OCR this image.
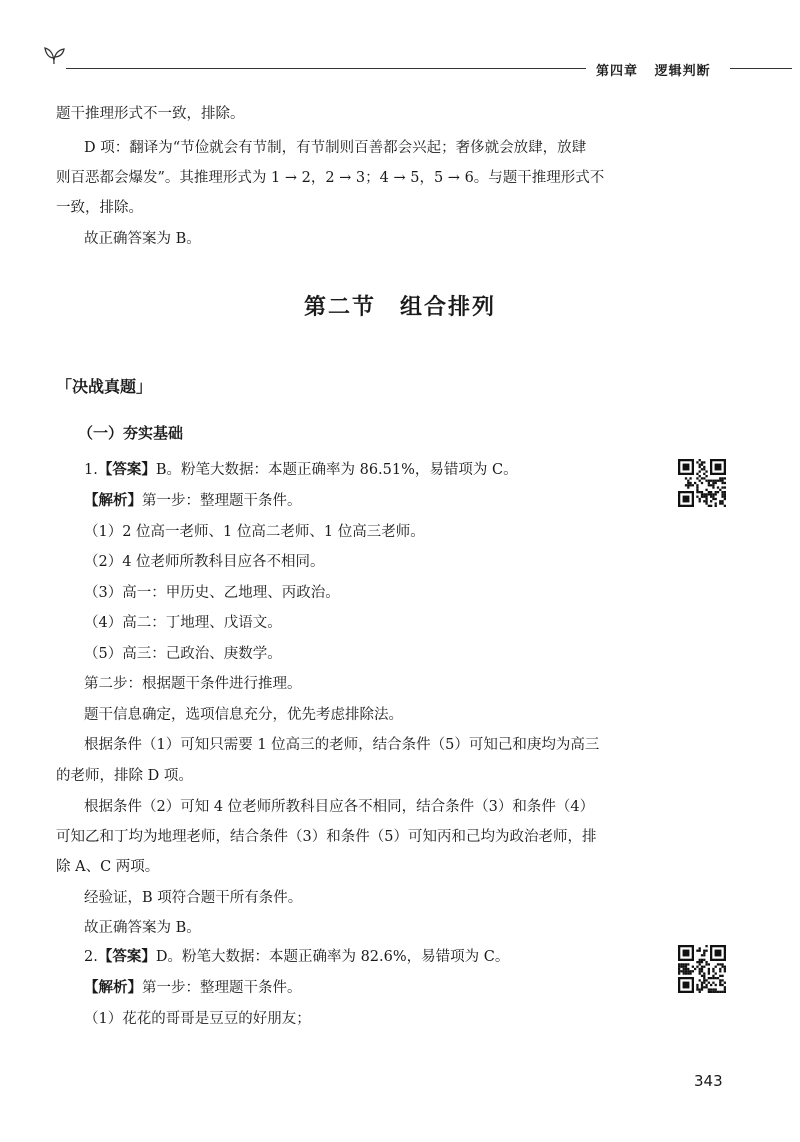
第四章 逻辑判断
题干推理形式不一致，排除。
D 项：翻译为“节俭就会有节制，有节制则百善都会兴起；奢侈就会放肆，放肆
则百恶都会爆发”。其推理形式为 1 → 2，2 → 3；4 → 5，5 → 6。与题干推理形式不
一致，排除。
故正确答案为 B。
第二节　组合排列
「决战真题」
（一）夯实基础
1.【答案】B。粉笔大数据：本题正确率为 86.51%，易错项为 C。
【解析】第一步：整理题干条件。
（1）2 位高一老师、1 位高二老师、1 位高三老师。
（2）4 位老师所教科目应各不相同。
（3）高一：甲历史、乙地理、丙政治。
（4）高二：丁地理、戊语文。
（5）高三：己政治、庚数学。
第二步：根据题干条件进行推理。
题干信息确定，选项信息充分，优先考虑排除法。
根据条件（1）可知只需要 1 位高三的老师，结合条件（5）可知己和庚均为高三
的老师，排除 D 项。
根据条件（2）可知 4 位老师所教科目应各不相同，结合条件（3）和条件（4）
可知乙和丁均为地理老师，结合条件（3）和条件（5）可知丙和己均为政治老师，排
除 A、C 两项。
经验证，B 项符合题干所有条件。
故正确答案为 B。
2.【答案】D。粉笔大数据：本题正确率为 82.6%，易错项为 C。
【解析】第一步：整理题干条件。
（1）花花的哥哥是豆豆的好朋友；
343
